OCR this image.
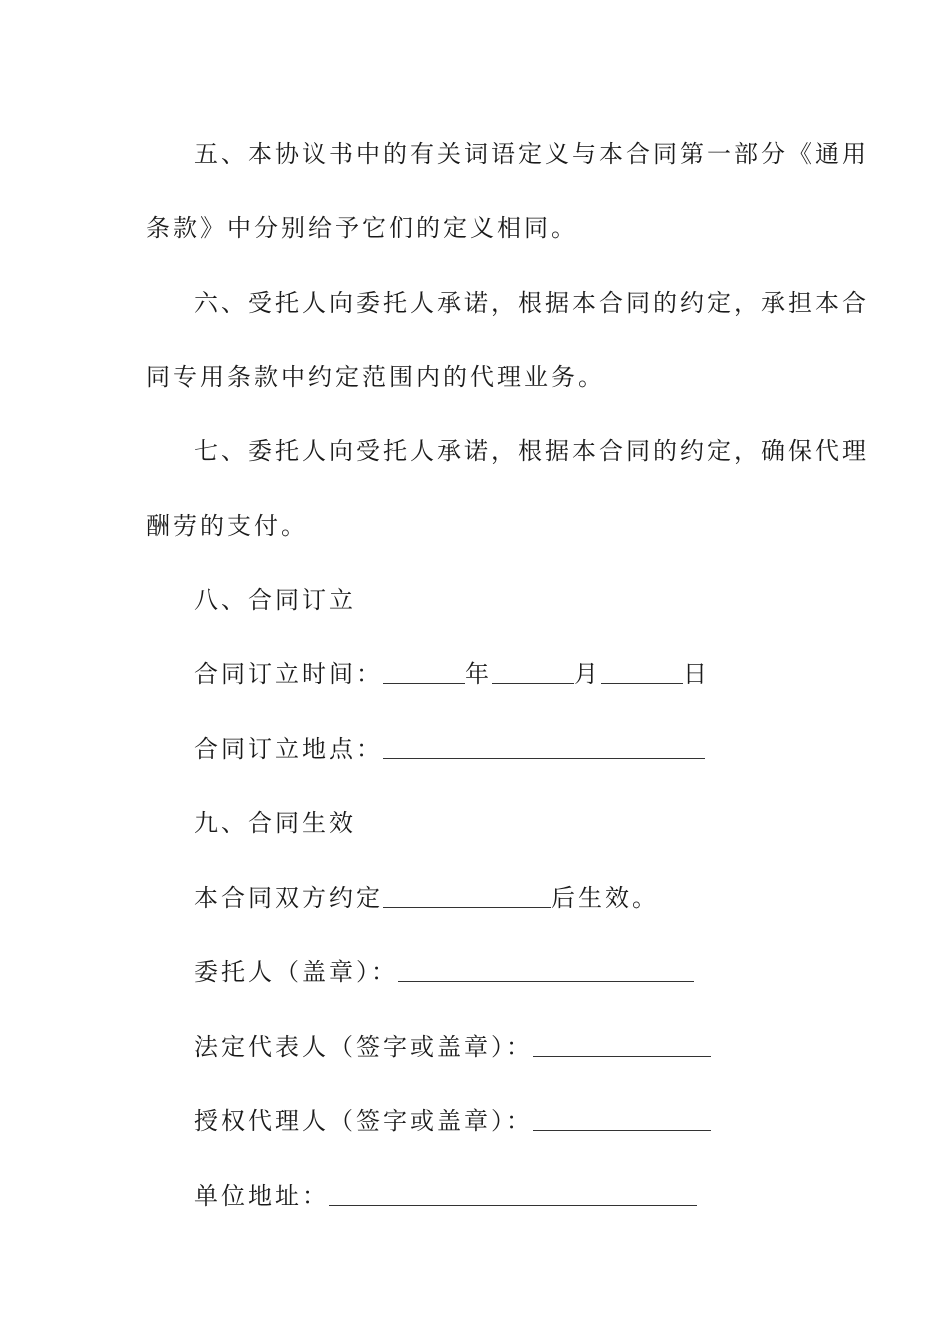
五、本协议书中的有关词语定义与本合同第一部分《通用
条款》中分别给予它们的定义相同。
六、受托人向委托人承诺，根据本合同的约定，承担本合
同专用条款中约定范围内的代理业务。
七、委托人向受托人承诺，根据本合同的约定，确保代理
酬劳的支付。
八、合同订立
合同订立时间：	年	月	日
合同订立地点：
九、合同生效
本合同双方约定	后生效。
委托人（盖章）：
法定代表人（签字或盖章）：
授权代理人（签字或盖章）：
单位地址：
